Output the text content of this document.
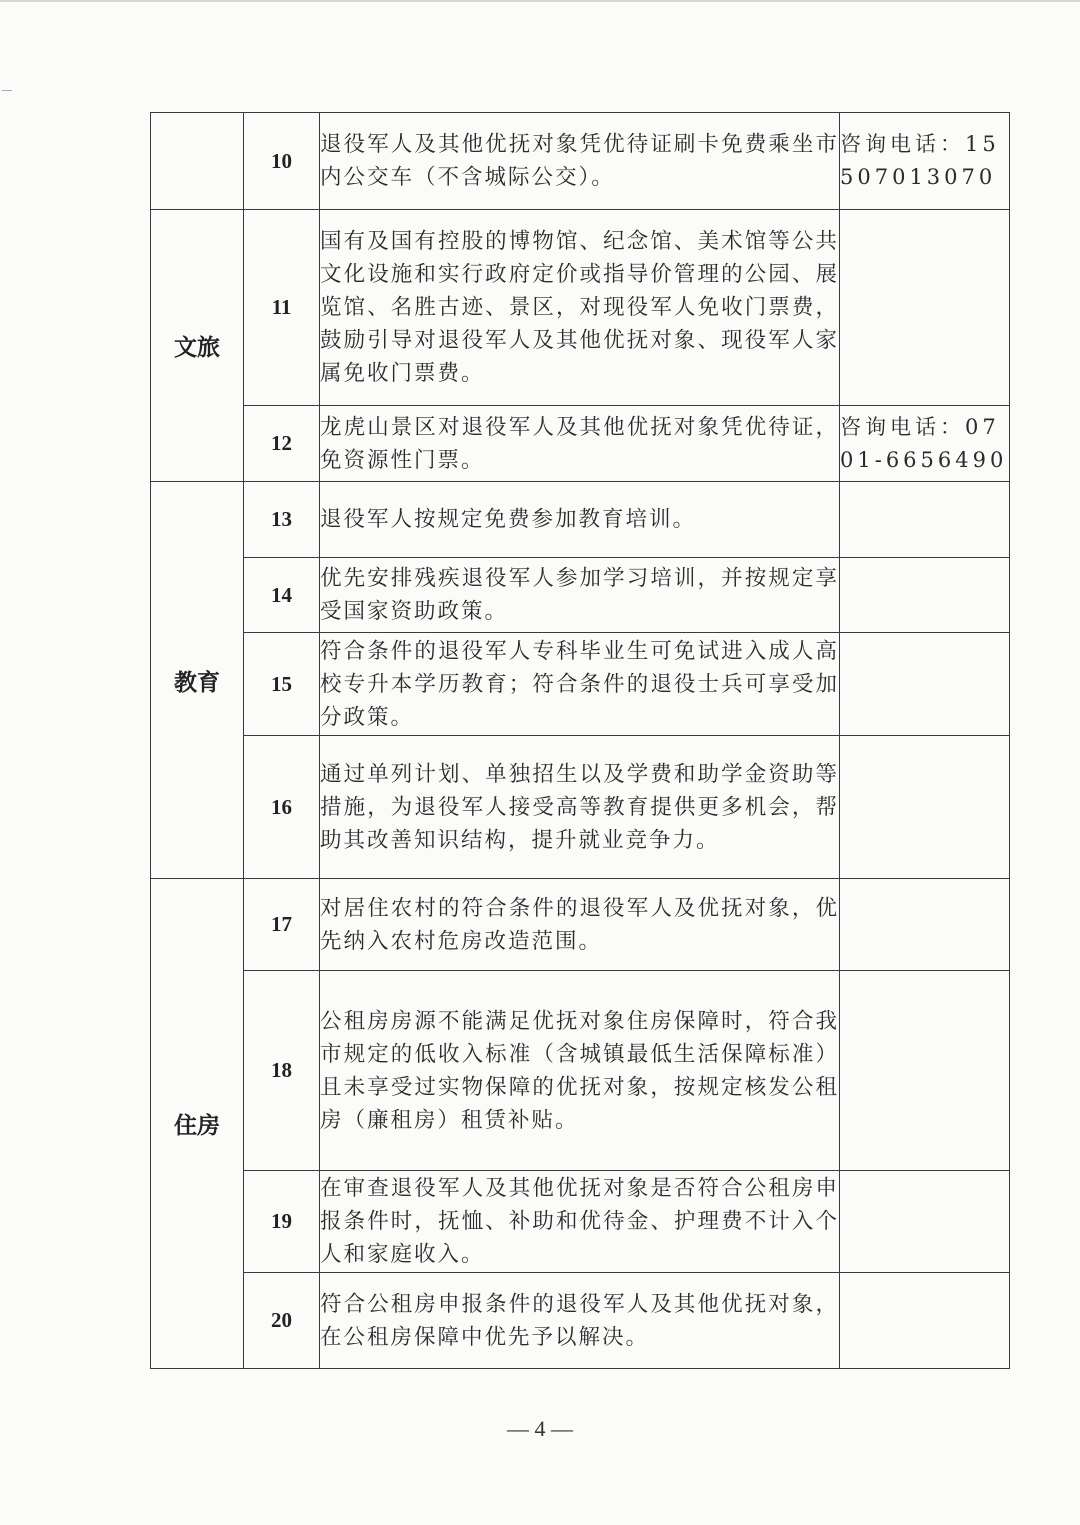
	10	退役军人及其他优抚对象凭优待证刷卡免费乘坐市内公交车（不含城际公交）。	咨询电话：15507013070
文旅	11	国有及国有控股的博物馆、纪念馆、美术馆等公共文化设施和实行政府定价或指导价管理的公园、展览馆、名胜古迹、景区，对现役军人免收门票费，鼓励引导对退役军人及其他优抚对象、现役军人家属免收门票费。	
	12	龙虎山景区对退役军人及其他优抚对象凭优待证，免资源性门票。	咨询电话：0701-6656490
教育	13	退役军人按规定免费参加教育培训。	
	14	优先安排残疾退役军人参加学习培训，并按规定享受国家资助政策。	
	15	符合条件的退役军人专科毕业生可免试进入成人高校专升本学历教育；符合条件的退役士兵可享受加分政策。	
	16	通过单列计划、单独招生以及学费和助学金资助等措施，为退役军人接受高等教育提供更多机会，帮助其改善知识结构，提升就业竞争力。	
住房	17	对居住农村的符合条件的退役军人及优抚对象，优先纳入农村危房改造范围。	
	18	公租房房源不能满足优抚对象住房保障时，符合我市规定的低收入标准（含城镇最低生活保障标准）且未享受过实物保障的优抚对象，按规定核发公租房（廉租房）租赁补贴。	
	19	在审查退役军人及其他优抚对象是否符合公租房申报条件时，抚恤、补助和优待金、护理费不计入个人和家庭收入。	
	20	符合公租房申报条件的退役军人及其他优抚对象，在公租房保障中优先予以解决。	
— 4 —
